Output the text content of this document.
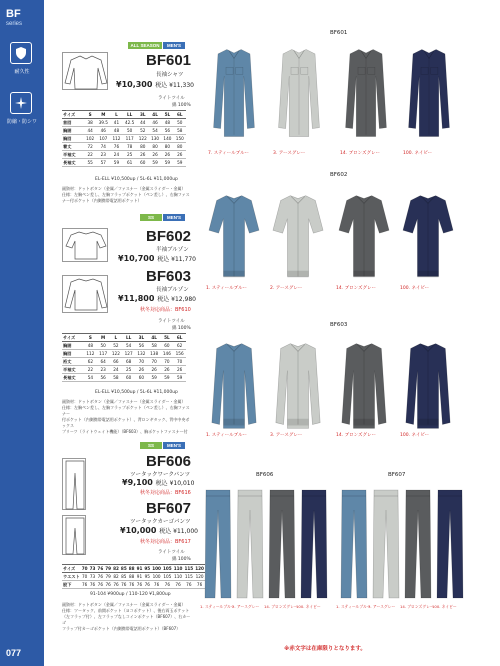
BF
series
耐久性
防縮・防シワ
077
ALL SEASON	MEN'S
BF601
長袖シャツ
¥10,300 税込 ¥11,330
ライトツイル
綿 100%
サイズ	S	M	L	LL	3L	4L	5L	6L
首回	38	39.5	41	42.5	44	46	48	50
胸囲	44	46	48	50	52	54	56	58
胸回	102	107	112	117	122	130	140	150
着丈	72	74	76	78	80	80	80	80
半袖丈	22	23	24	25	26	26	26	26
長袖丈	55	57	59	61	60	59	59	59
EL-ELL ¥10,500up / 5L-6L ¥11,000up
副資材：ドットボタン（金属／ファスナー（金属スライダー・金属）
仕様：左胸ペン差し、左胸フラップポケット（ペン差し）、右胸ファス
ナー付ポケット（内側携帯電話用ポケット）
SS	MEN'S
BF602
半袖ブルゾン
¥10,700 税込 ¥11,770
BF603
長袖ブルゾン
¥11,800 税込 ¥12,980
秋冬対応商品：BF610
ライトツイル
綿 100%
サイズ	S	M	L	LL	3L	4L	5L	6L
胸囲	48	50	52	54	56	58	60	62
胸回	112	117	122	127	132	138	146	156
裄丈	62	64	66	68	70	70	70	70
半袖丈	22	23	24	25	26	26	26	26
長袖丈	54	56	58	60	60	59	59	59
EL-ELL ¥10,500up / 5L-6L ¥11,000up
副資材：ドットボタン（金属／ファスナー（金属スライダー・金属）
仕様：左胸ペン差し、左胸フラップポケット（ペン差し）、右胸ファスナー
付ポケット（内側携帯電話用ポケット）、背ロンギタック、背中中央ボックス
プリーツ（ライトウェイト機能）（BF603）、胸ポケットファスナー付
SS	MEN'S
BF606
ツータックワークパンツ
¥9,100 税込 ¥10,010
秋冬対応商品：BF616
BF607
ツータックカーゴパンツ
¥10,000 税込 ¥11,000
秋冬対応商品：BF617
ライトツイル
綿 100%
サイズ	70	73	76	79	82	85	88	91	95	100	105	110	115	120
ウエスト	70	73	76	79	82	85	88	91	95	100	105	110	115	120
股下	76	76	76	76	76	76	76	76	76	76	76	76	76	76
91-104 ¥900up / 110-120 ¥1,800up
副資材：ドットボタン（金属／ファスナー（金属スライダー・金属）
仕様：ツータック、前開ポケット（ヨコポケット）、後右両玉ポケット
（左フラップ付）、左フラップなしコインポケット（BF607）、右カーゴ
フラップ付カーゴポケット（内側携帯電話用ポケット）（BF607）
BF601
7. スティールブルー	3. アースグレー	14. ブロンズグレー	100. ネイビー
BF602
1. スティールブルー	2. アースグレー	14. ブロンズグレー	100. ネイビー
BF603
1. スティールブルー	3. アースグレー	14. ブロンズグレー	100. ネイビー
BF606	BF607
1. スティールブルー
2. アースグレー 14. ブロンズグレー
100. ネイビー	1. スティールブルー
3. アースグレー 14. ブロンズグレー
100. ネイビー
※赤文字は在庫限りとなります。
